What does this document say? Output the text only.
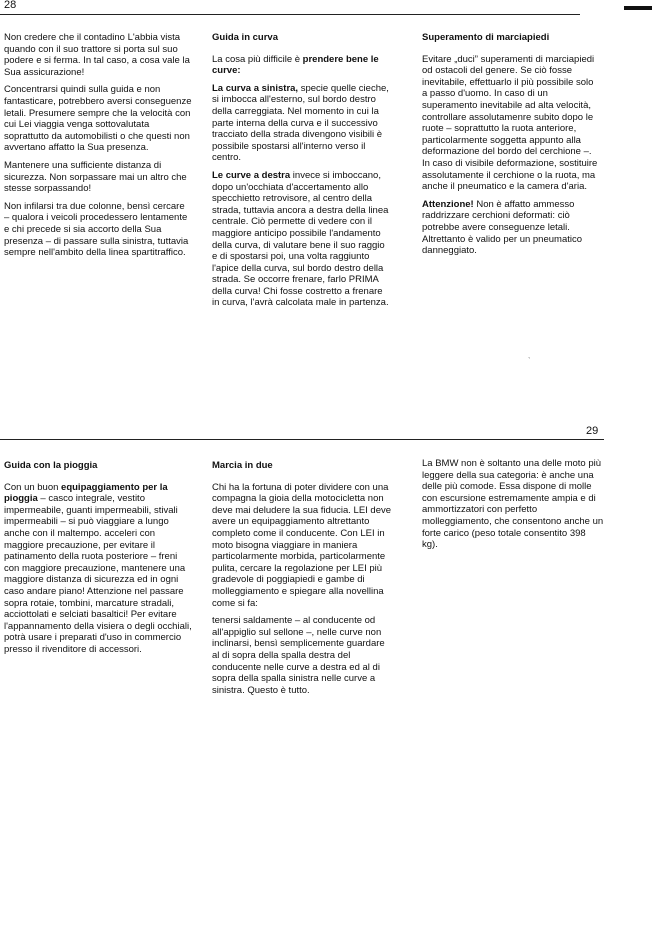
28

Non credere che il contadino L'abbia vista quando con il suo trattore si porta sul suo podere e si ferma. In tal caso, a cosa vale la Sua assicurazione!

Concentrarsi quindi sulla guida e non fantasticare, potrebbero aversi conseguenze letali. Presumere sempre che la velocità con cui Lei viaggia venga sottovalutata soprattutto da automobilisti o che questi non avvertano affatto la Sua presenza.

Mantenere una sufficiente distanza di sicurezza. Non sorpassare mai un altro che stesse sorpassando!

Non infilarsi tra due colonne, bensì cercare – qualora i veicoli procedessero lentamente e chi precede si sia accorto della Sua presenza – di passare sulla sinistra, tuttavia sempre nell'ambito della linea spartitraffico.

Guida in curva

La cosa più difficile è prendere bene le curve:

La curva a sinistra, specie quelle cieche, si imbocca all'esterno, sul bordo destro della carreggiata. Nel momento in cui la parte interna della curva e il successivo tracciato della strada divengono visibili è possibile spostarsi all'interno verso il centro.

Le curve a destra invece si imboccano, dopo un'occhiata d'accertamento allo specchietto retrovisore, al centro della strada, tuttavia ancora a destra della linea centrale. Ciò permette di vedere con il maggiore anticipo possibile l'andamento della curva, di valutare bene il suo raggio e di spostarsi poi, una volta raggiunto l'apice della curva, sul bordo destro della strada. Se occorre frenare, farlo PRIMA della curva! Chi fosse costretto a frenare in curva, l'avrà calcolata male in partenza.

Superamento di marciapiedi

Evitare „duci” superamenti di marciapiedi od ostacoli del genere. Se ciò fosse inevitabile, effettuarlo il più possibile solo a passo d'uomo. In caso di un superamento inevitabile ad alta velocità, controllare assolutamenre subito dopo le ruote – soprattutto la ruota anteriore, particolarmente soggetta appunto alla deformazione del bordo del cerchione –. In caso di visibile deformazione, sostituire assolutamente il cerchione o la ruota, ma anche il pneumatico e la camera d'aria.

Attenzione! Non è affatto ammesso raddrizzare cerchioni deformati: ciò potrebbe avere conseguenze letali. Altrettanto è valido per un pneumatico danneggiato.

29
Guida con la pioggia

Con un buon equipaggiamento per la pioggia – casco integrale, vestito impermeabile, guanti impermeabili, stivali impermeabili – si può viaggiare a lungo anche con il maltempo. acceleri con maggiore precauzione, per evitare il patinamento della ruota posteriore – freni con maggiore precauzione, mantenere una maggiore distanza di sicurezza ed in ogni caso andare piano! Attenzione nel passare sopra rotaie, tombini, marcature stradali, acciottolati e selciati basaltici! Per evitare l'appannamento della visiera o degli occhiali, potrà usare i preparati d'uso in commercio presso il rivenditore di accessori.

Marcia in due

Chi ha la fortuna di poter dividere con una compagna la gioia della motocicletta non deve mai deludere la sua fiducia. LEI deve avere un equipaggiamento altrettanto completo come il conducente. Con LEI in moto bisogna viaggiare in maniera particolarmente morbida, particolarmente pulita, cercare la regolazione per LEI più gradevole di poggiapiedi e gambe di molleggiamento e spiegare alla novellina come si fa:

tenersi saldamente – al conducente od all'appiglio sul sellone –, nelle curve non inclinarsi, bensì semplicemente guardare al di sopra della spalla destra del conducente nelle curve a destra ed al di sopra della spalla sinistra nelle curve a sinistra. Questo è tutto.

La BMW non è soltanto una delle moto più leggere della sua categoria: è anche una delle più comode. Essa dispone di molle con escursione estremamente ampia e di ammortizzatori con perfetto molleggiamento, che consentono anche un forte carico (peso totale consentito 398 kg).

ˎ
